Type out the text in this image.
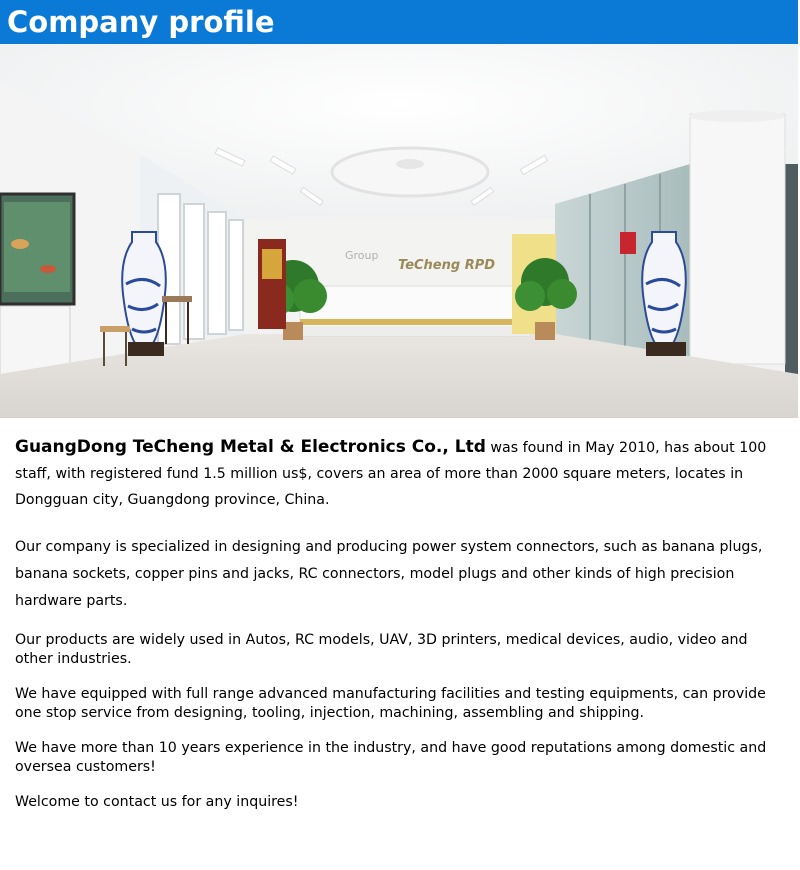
Company profile
Group
TeCheng RPD

GuangDong TeCheng Metal & Electronics Co., Ltd was found in May 2010, has about 100 staff, with registered fund 1.5 million us$, covers an area of more than 2000 square meters, locates in Dongguan city, Guangdong province, China.

Our company is specialized in designing and producing power system connectors, such as banana plugs, banana sockets, copper pins and jacks, RC connectors, model plugs and other kinds of high precision hardware parts.

Our products are widely used in Autos, RC models, UAV, 3D printers, medical devices, audio, video and other industries.

We have equipped with full range advanced manufacturing facilities and testing equipments, can provide one stop service from designing, tooling, injection, machining, assembling and shipping.

We have more than 10 years experience in the industry, and have good reputations among domestic and oversea customers!

Welcome to contact us for any inquires!
